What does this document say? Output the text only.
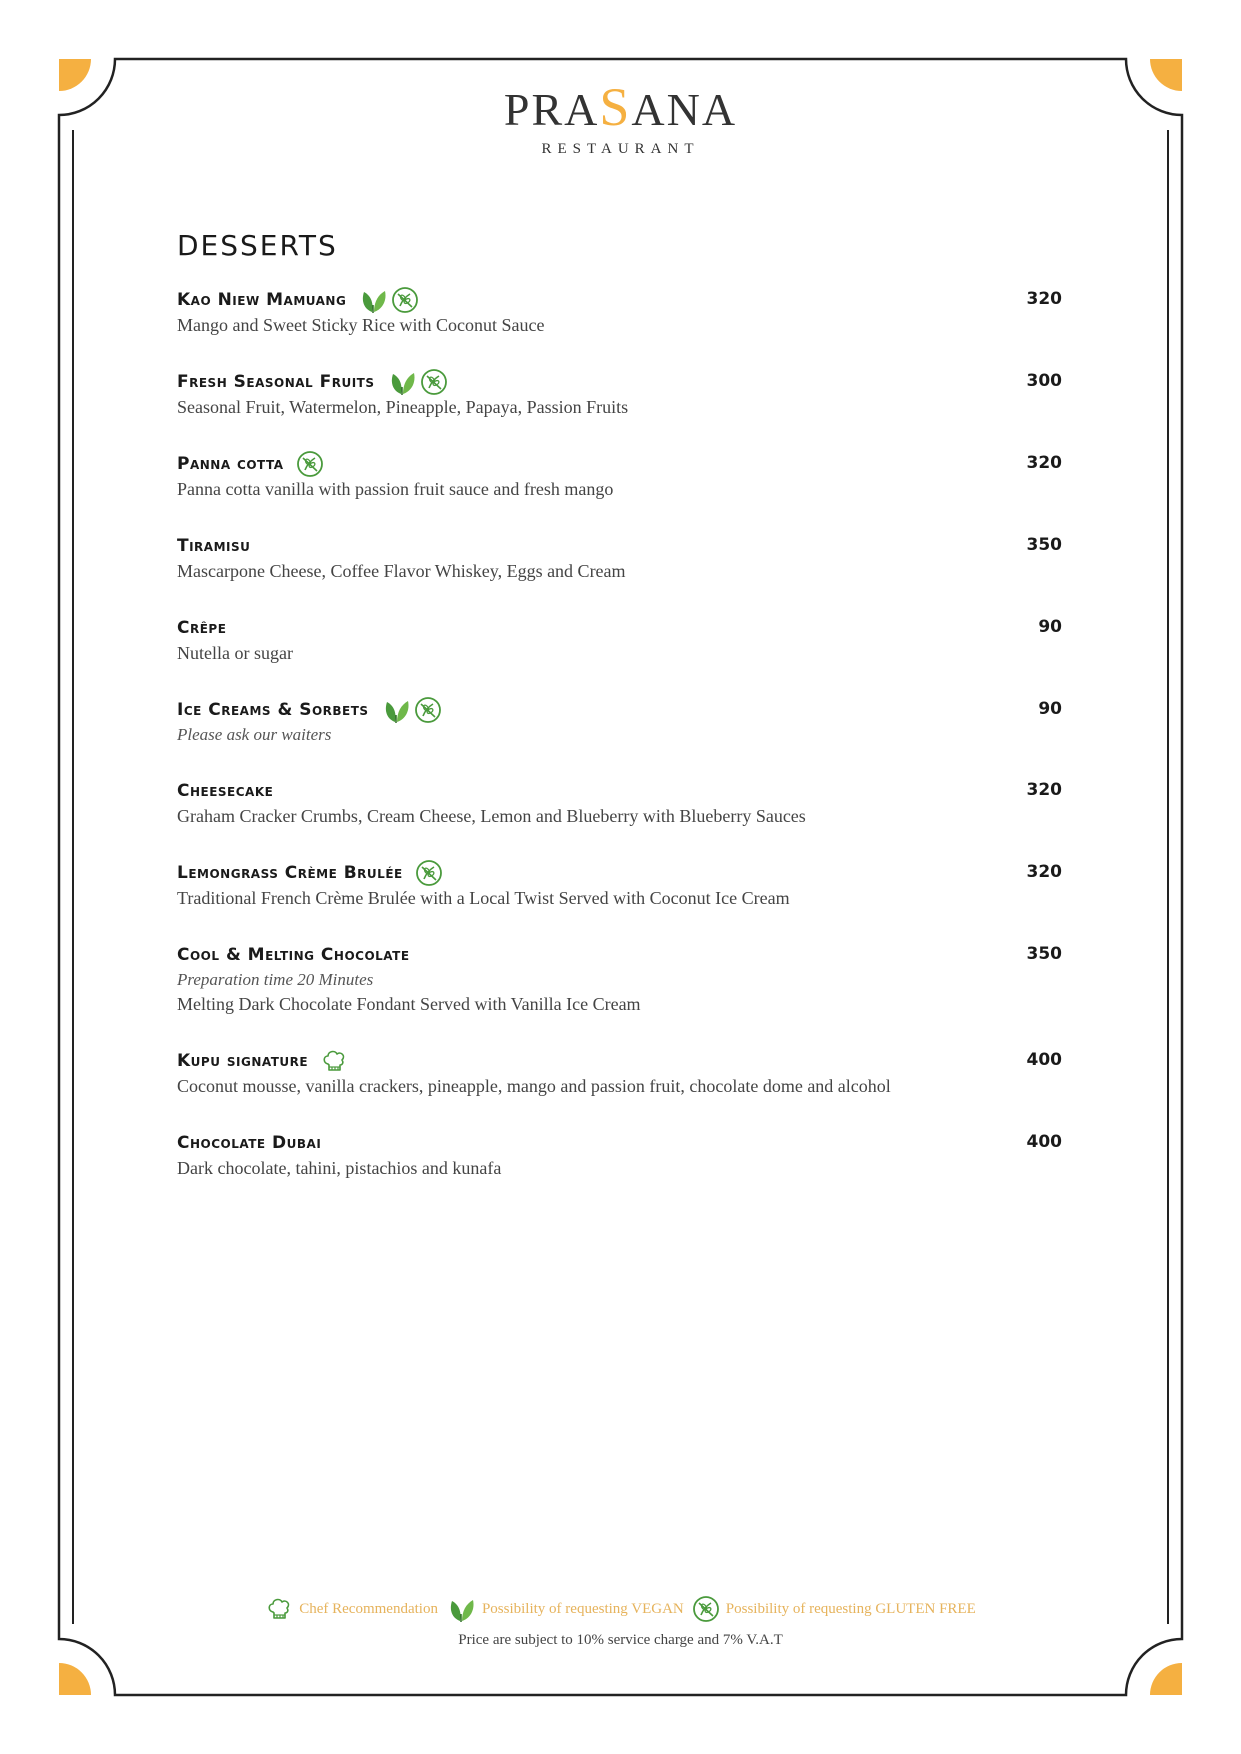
PRASANA
RESTAURANT
DESSERTS
Kao Niew Mamuang	320
Mango and Sweet Sticky Rice with Coconut Sauce
Fresh Seasonal Fruits	300
Seasonal Fruit, Watermelon, Pineapple, Papaya, Passion Fruits
Panna cotta	320
Panna cotta vanilla with passion fruit sauce and fresh mango
Tiramisu	350
Mascarpone Cheese, Coffee Flavor Whiskey, Eggs and Cream
Crêpe	90
Nutella or sugar
Ice Creams & Sorbets	90
Please ask our waiters
Cheesecake	320
Graham Cracker Crumbs, Cream Cheese, Lemon and Blueberry with Blueberry Sauces
Lemongrass Crème Brulée	320
Traditional French Crème Brulée with a Local Twist Served with Coconut Ice Cream
Cool & Melting Chocolate	350
Preparation time 20 Minutes
Melting Dark Chocolate Fondant Served with Vanilla Ice Cream
Kupu signature	400
Coconut mousse, vanilla crackers, pineapple, mango and passion fruit, chocolate dome and alcohol
Chocolate Dubai	400
Dark chocolate, tahini, pistachios and kunafa
Chef Recommendation	Possibility of requesting VEGAN	Possibility of requesting GLUTEN FREE
Price are subject to 10% service charge and 7% V.A.T
